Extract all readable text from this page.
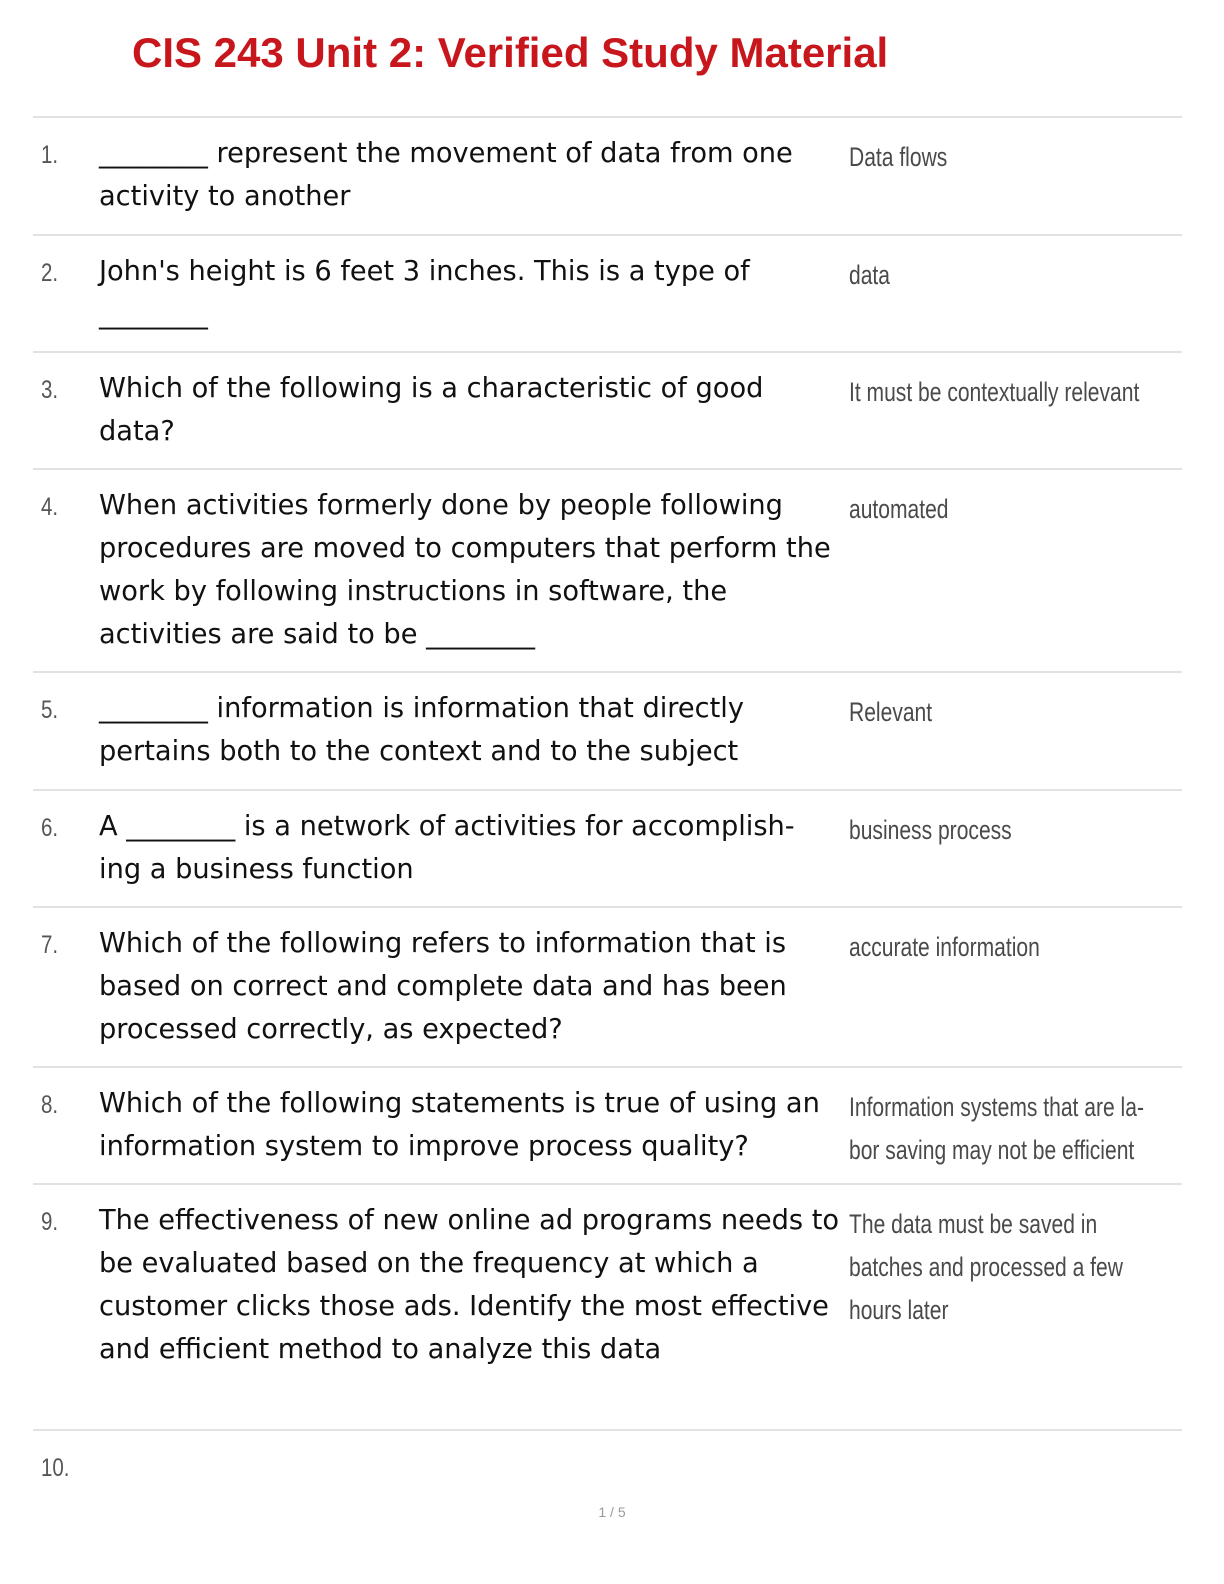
CIS 243 Unit 2: Verified Study Material
1. ________ represent the movement of data from one activity to another
Data flows
2. John's height is 6 feet 3 inches. This is a type of ________
data
3. Which of the following is a characteristic of good data?
It must be contextually relevant
4. When activities formerly done by people following procedures are moved to computers that perform the work by following instructions in software, the activities are said to be ________
automated
5. ________ information is information that directly pertains both to the context and to the subject
Relevant
6. A ________ is a network of activities for accomplish- ing a business function
business process
7. Which of the following refers to information that is based on correct and complete data and has been processed correctly, as expected?
accurate information
8. Which of the following statements is true of using an information system to improve process quality?
Information systems that are la- bor saving may not be efficient
9. The effectiveness of new online ad programs needs to be evaluated based on the frequency at which a customer clicks those ads. Identify the most effective and efficient method to analyze this data
The data must be saved in batches and processed a few hours later
10.
1 / 5
